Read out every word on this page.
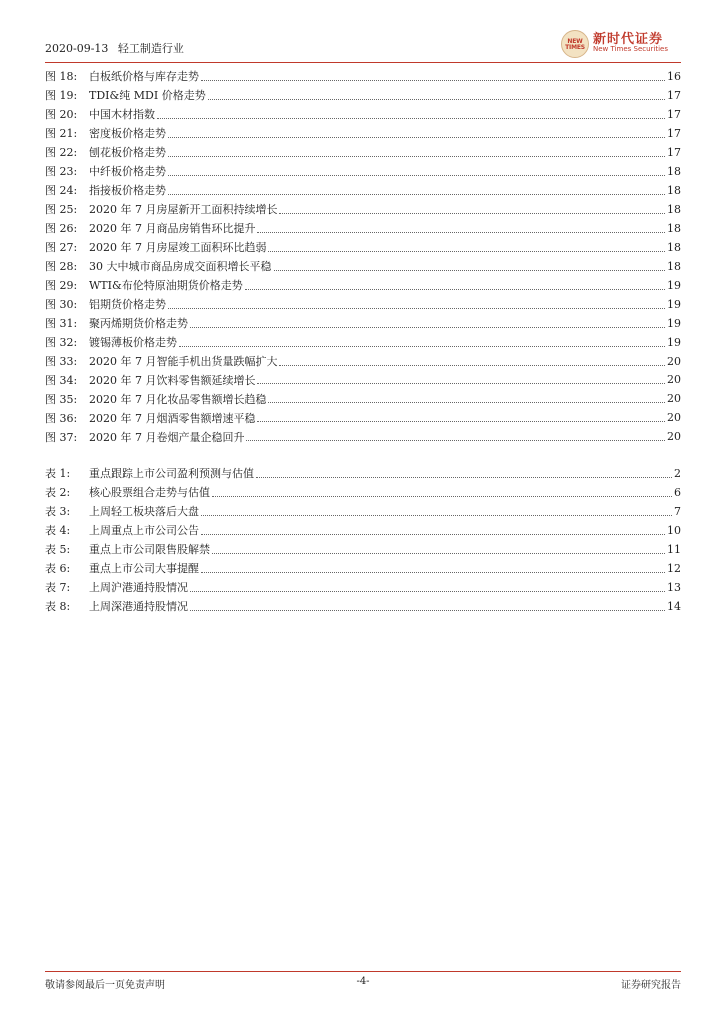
2020-09-13 轻工制造行业
NEW
TIMES
新时代证券
New Times Securities
图 18:	白板纸价格与库存走势	16
图 19:	TDI&纯 MDI 价格走势	17
图 20:	中国木材指数	17
图 21:	密度板价格走势	17
图 22:	刨花板价格走势	17
图 23:	中纤板价格走势	18
图 24:	指接板价格走势	18
图 25:	2020 年 7 月房屋新开工面积持续增长	18
图 26:	2020 年 7 月商品房销售环比提升	18
图 27:	2020 年 7 月房屋竣工面积环比趋弱	18
图 28:	30 大中城市商品房成交面积增长平稳	18
图 29:	WTI&布伦特原油期货价格走势	19
图 30:	铝期货价格走势	19
图 31:	聚丙烯期货价格走势	19
图 32:	镀锡薄板价格走势	19
图 33:	2020 年 7 月智能手机出货量跌幅扩大	20
图 34:	2020 年 7 月饮料零售额延续增长	20
图 35:	2020 年 7 月化妆品零售额增长趋稳	20
图 36:	2020 年 7 月烟酒零售额增速平稳	20
图 37:	2020 年 7 月卷烟产量企稳回升	20
表 1:	重点跟踪上市公司盈利预测与估值	2
表 2:	核心股票组合走势与估值	6
表 3:	上周轻工板块落后大盘	7
表 4:	上周重点上市公司公告	10
表 5:	重点上市公司限售股解禁	11
表 6:	重点上市公司大事提醒	12
表 7:	上周沪港通持股情况	13
表 8:	上周深港通持股情况	14
敬请参阅最后一页免责声明	-4-	证券研究报告
